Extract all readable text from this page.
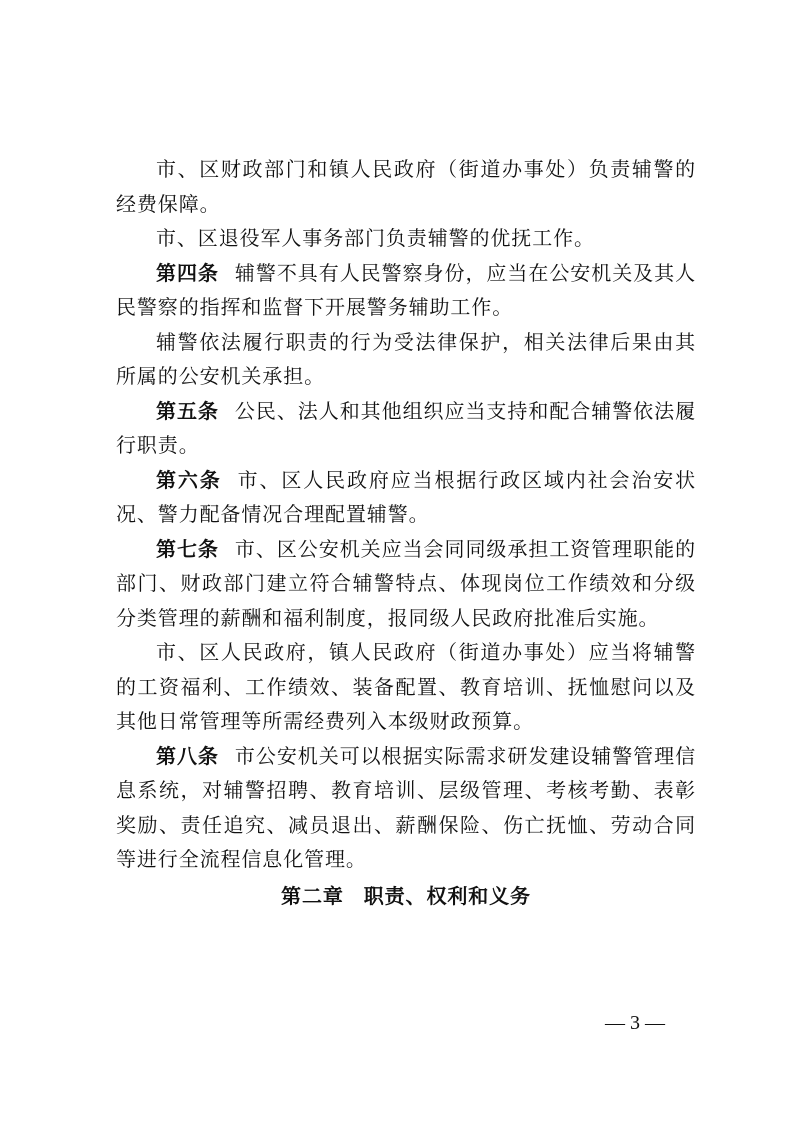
市、区财政部门和镇人民政府（街道办事处）负责辅警的经费保障。

市、区退役军人事务部门负责辅警的优抚工作。

第四条 辅警不具有人民警察身份，应当在公安机关及其人民警察的指挥和监督下开展警务辅助工作。

辅警依法履行职责的行为受法律保护，相关法律后果由其所属的公安机关承担。

第五条 公民、法人和其他组织应当支持和配合辅警依法履行职责。

第六条 市、区人民政府应当根据行政区域内社会治安状况、警力配备情况合理配置辅警。

第七条 市、区公安机关应当会同同级承担工资管理职能的部门、财政部门建立符合辅警特点、体现岗位工作绩效和分级分类管理的薪酬和福利制度，报同级人民政府批准后实施。

市、区人民政府，镇人民政府（街道办事处）应当将辅警的工资福利、工作绩效、装备配置、教育培训、抚恤慰问以及其他日常管理等所需经费列入本级财政预算。

第八条 市公安机关可以根据实际需求研发建设辅警管理信息系统，对辅警招聘、教育培训、层级管理、考核考勤、表彰奖励、责任追究、减员退出、薪酬保险、伤亡抚恤、劳动合同等进行全流程信息化管理。

第二章 职责、权利和义务
— 3 —
